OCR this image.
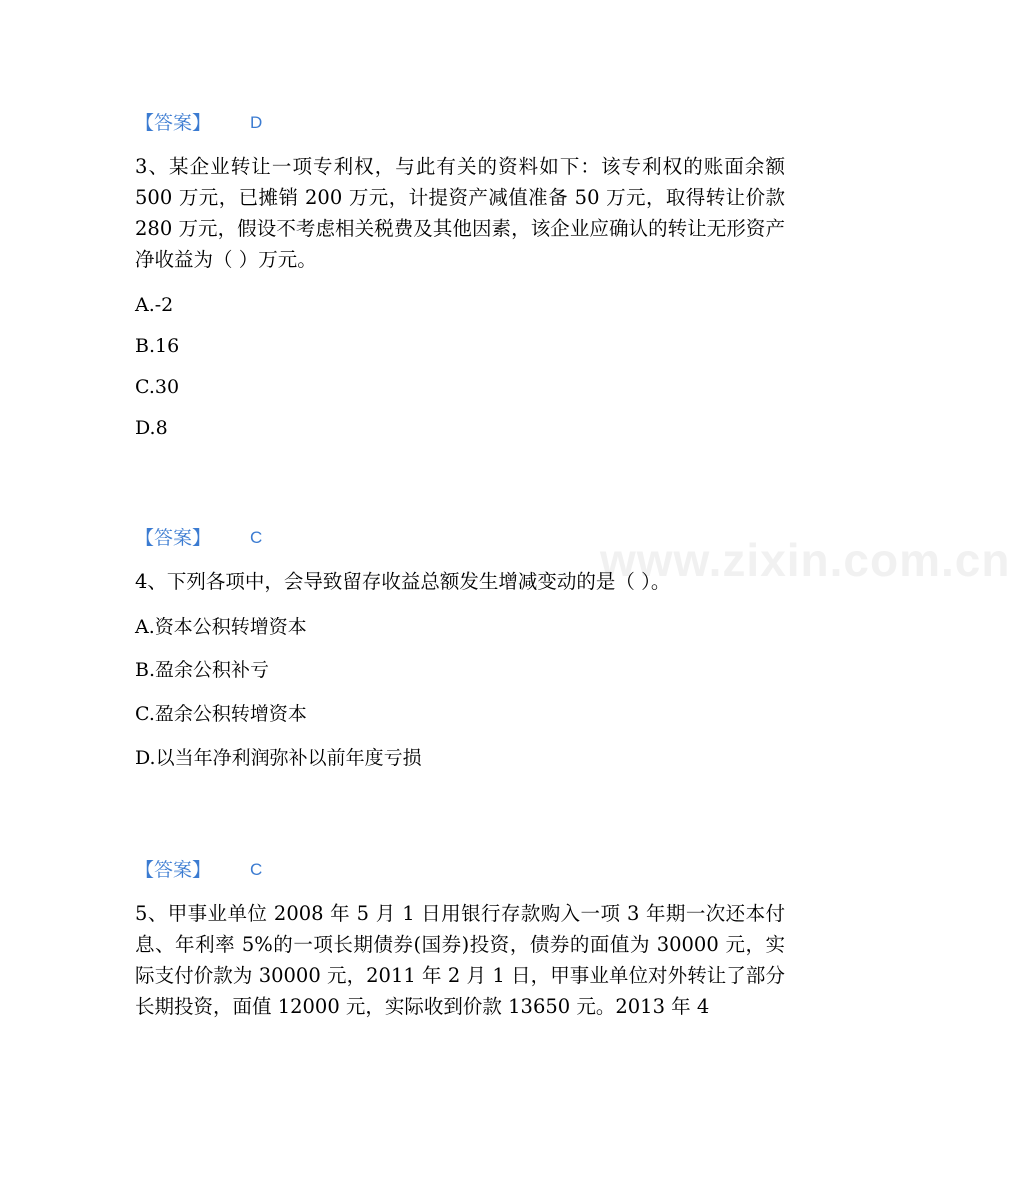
www.zixin.com.cn
【答案】 D
3、某企业转让一项专利权，与此有关的资料如下：该专利权的账面余额 500 万元，已摊销 200 万元，计提资产减值准备 50 万元，取得转让价款 280 万元，假设不考虑相关税费及其他因素，该企业应确认的转让无形资产净收益为（ ）万元。
A.-2
B.16
C.30
D.8
【答案】 C
4、下列各项中，会导致留存收益总额发生增减变动的是（ ）。
A.资本公积转增资本
B.盈余公积补亏
C.盈余公积转增资本
D.以当年净利润弥补以前年度亏损
【答案】 C
5、甲事业单位 2008 年 5 月 1 日用银行存款购入一项 3 年期一次还本付息、年利率 5%的一项长期债券(国券)投资，债券的面值为 30000 元，实际支付价款为 30000 元，2011 年 2 月 1 日，甲事业单位对外转让了部分长期投资，面值 12000 元，实际收到价款 13650 元。2013 年 4
